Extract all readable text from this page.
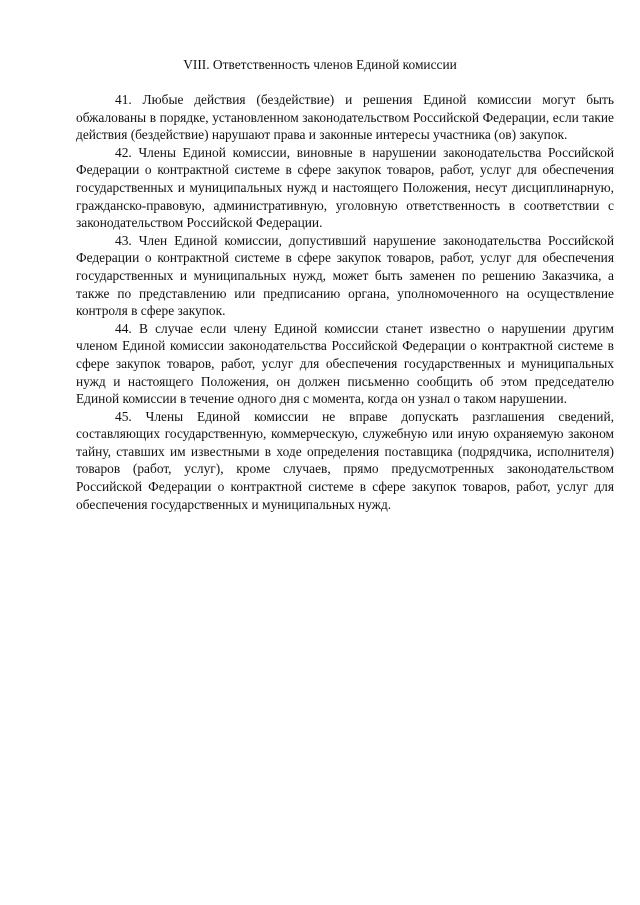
VIII. Ответственность членов Единой комиссии

41. Любые действия (бездействие) и решения Единой комиссии могут быть обжалованы в порядке, установленном законодательством Российской Федерации, если такие действия (бездействие) нарушают права и законные интересы участника (ов) закупок.

42. Члены Единой комиссии, виновные в нарушении законодательства Российской Федерации о контрактной системе в сфере закупок товаров, работ, услуг для обеспечения государственных и муниципальных нужд и настоящего Положения, несут дисциплинарную, гражданско-правовую, административную, уголовную ответственность в соответствии с законодательством Российской Федерации.

43. Член Единой комиссии, допустивший нарушение законодательства Российской Федерации о контрактной системе в сфере закупок товаров, работ, услуг для обеспечения государственных и муниципальных нужд, может быть заменен по решению Заказчика, а также по представлению или предписанию органа, уполномоченного на осуществление контроля в сфере закупок.

44. В случае если члену Единой комиссии станет известно о нарушении другим членом Единой комиссии законодательства Российской Федерации о контрактной системе в сфере закупок товаров, работ, услуг для обеспечения государственных и муниципальных нужд и настоящего Положения, он должен письменно сообщить об этом председателю Единой комиссии в течение одного дня с момента, когда он узнал о таком нарушении.

45. Члены Единой комиссии не вправе допускать разглашения сведений, составляющих государственную, коммерческую, служебную или иную охраняемую законом тайну, ставших им известными в ходе определения поставщика (подрядчика, исполнителя) товаров (работ, услуг), кроме случаев, прямо предусмотренных законодательством Российской Федерации о контрактной системе в сфере закупок товаров, работ, услуг для обеспечения государственных и муниципальных нужд.
